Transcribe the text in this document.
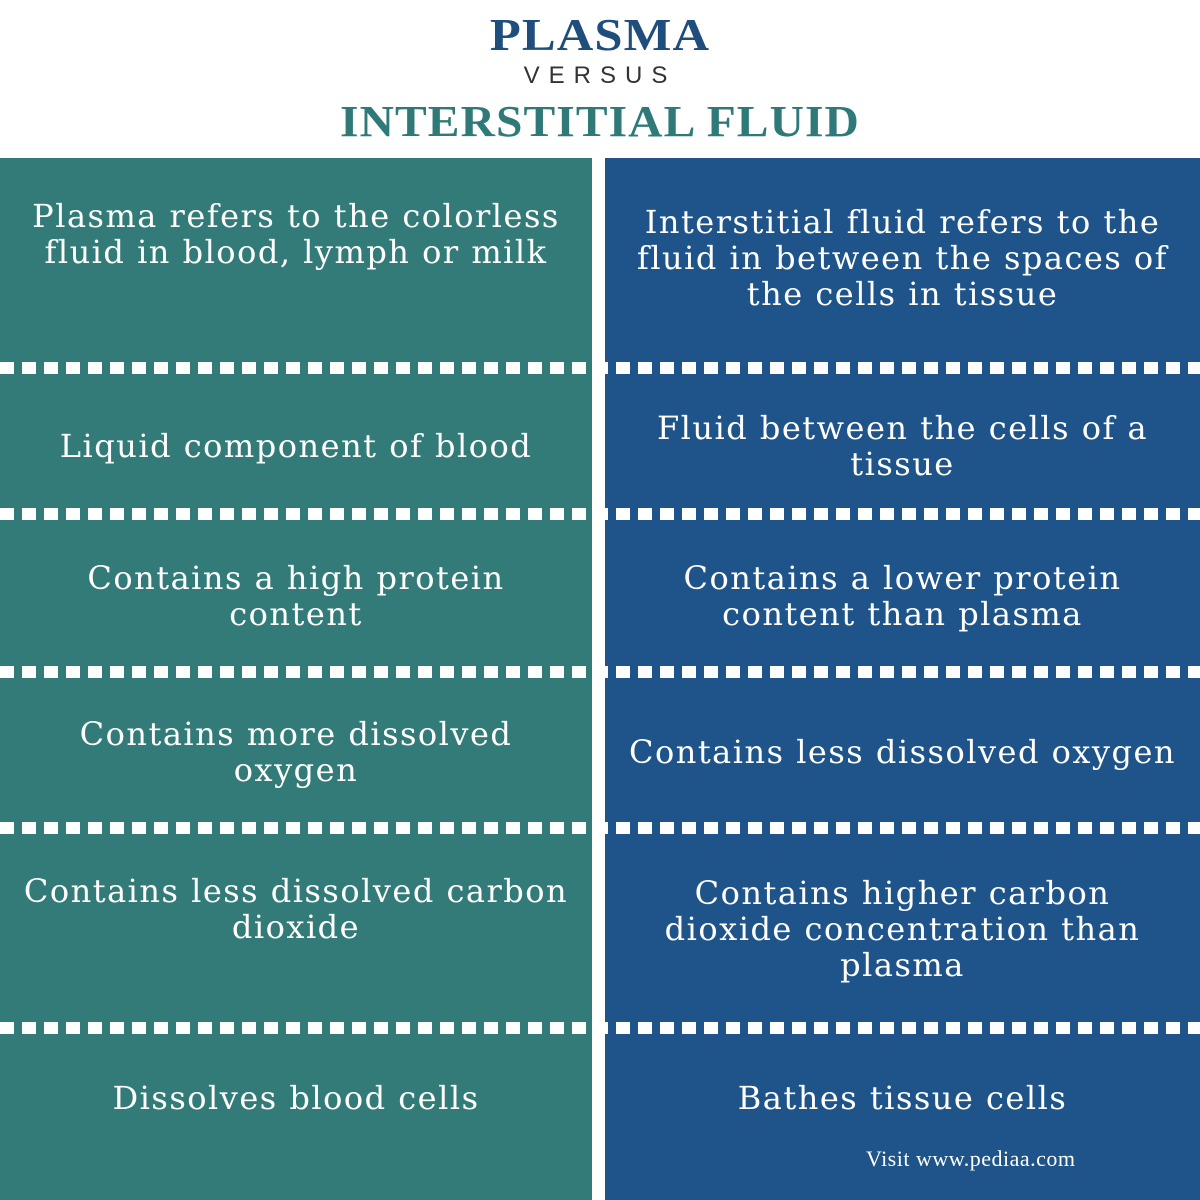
PLASMA
VERSUS
INTERSTITIAL FLUID
Plasma refers to the colorless fluid in blood, lymph or milk
Liquid component of blood
Contains a high protein content
Contains more dissolved oxygen
Contains less dissolved carbon dioxide
Dissolves blood cells
Interstitial fluid refers to the fluid in between the spaces of the cells in tissue
Fluid between the cells of a tissue
Contains a lower protein content than plasma
Contains less dissolved oxygen
Contains higher carbon dioxide concentration than plasma
Bathes tissue cells
Visit www.pediaa.com
